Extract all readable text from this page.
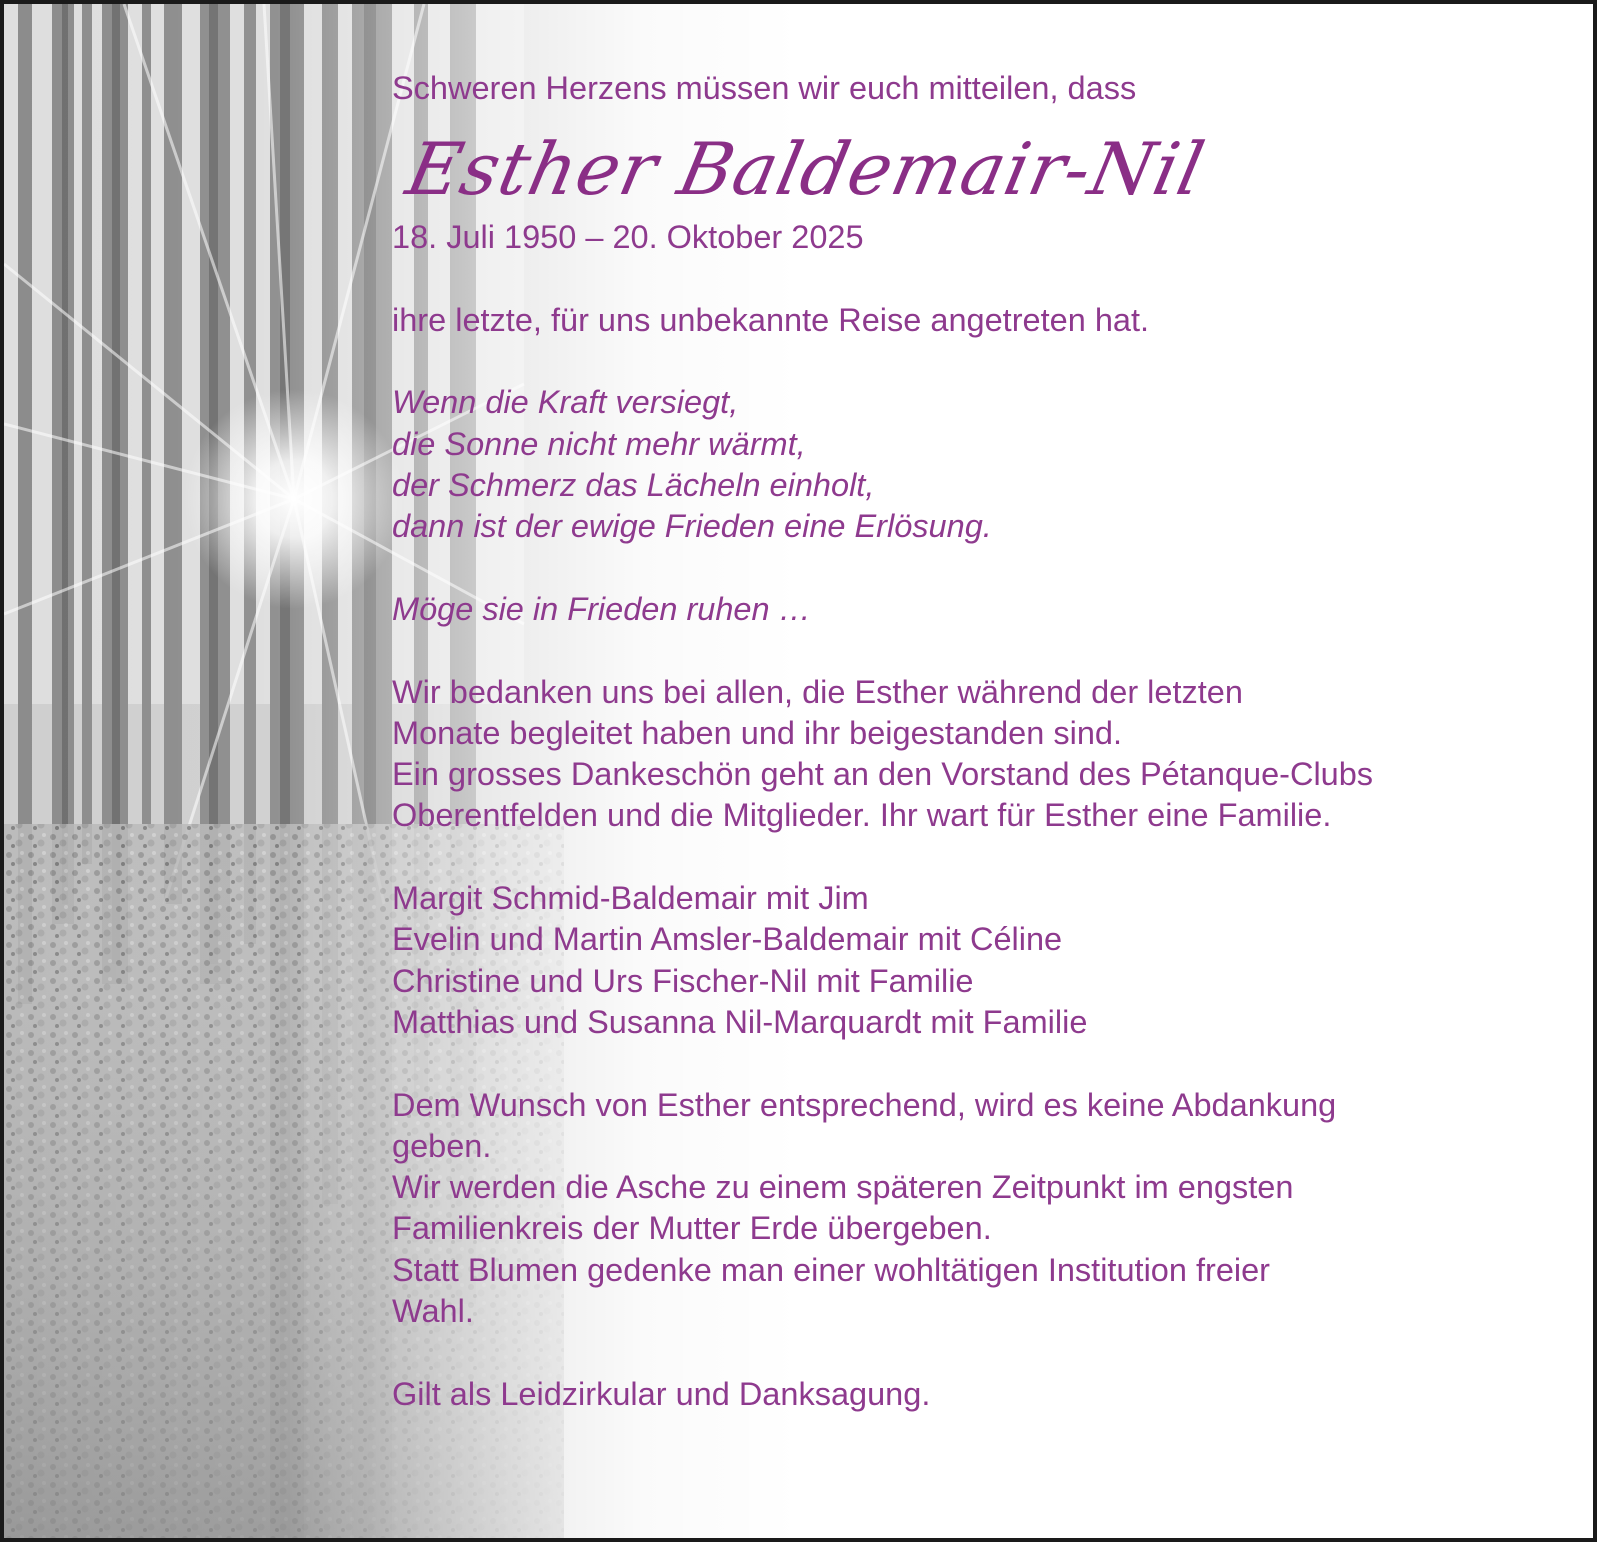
Schweren Herzens müssen wir euch mitteilen, dass

Esther Baldemair-Nil

18. Juli 1950 – 20. Oktober 2025

ihre letzte, für uns unbekannte Reise angetreten hat.

Wenn die Kraft versiegt,

die Sonne nicht mehr wärmt,

der Schmerz das Lächeln einholt,

dann ist der ewige Frieden eine Erlösung.

Möge sie in Frieden ruhen …

Wir bedanken uns bei allen, die Esther während der letzten

Monate begleitet haben und ihr beigestanden sind.

Ein grosses Dankeschön geht an den Vorstand des Pétanque-Clubs

Oberentfelden und die Mitglieder. Ihr wart für Esther eine Familie.

Margit Schmid-Baldemair mit Jim

Evelin und Martin Amsler-Baldemair mit Céline

Christine und Urs Fischer-Nil mit Familie

Matthias und Susanna Nil-Marquardt mit Familie

Dem Wunsch von Esther entsprechend, wird es keine Abdankung

geben.

Wir werden die Asche zu einem späteren Zeitpunkt im engsten

Familienkreis der Mutter Erde übergeben.

Statt Blumen gedenke man einer wohltätigen Institution freier

Wahl.

Gilt als Leidzirkular und Danksagung.
